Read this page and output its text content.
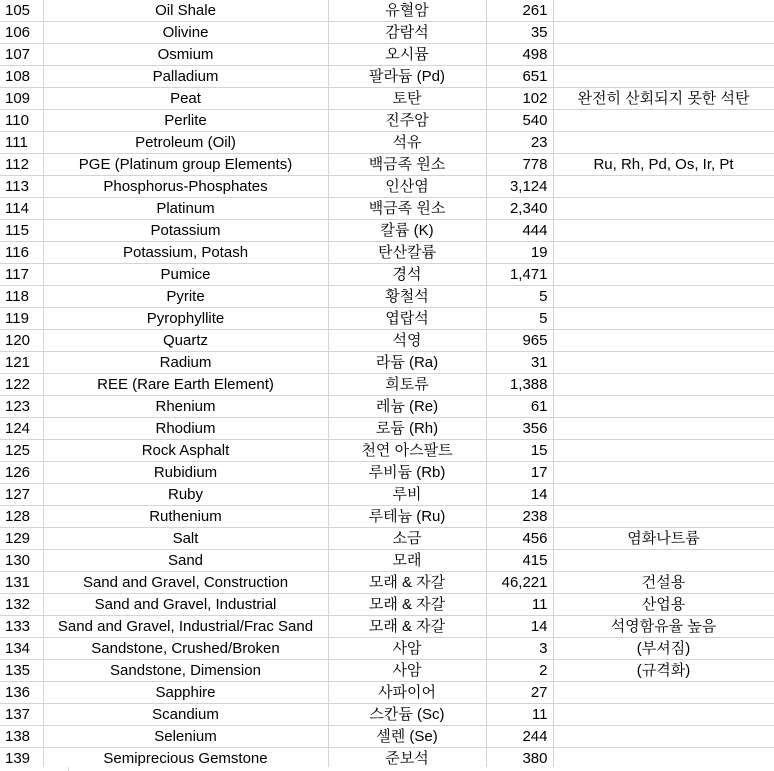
105	Oil Shale	유혈암	261	
106	Olivine	감람석	35	
107	Osmium	오시뮴	498	
108	Palladium	팔라듐 (Pd)	651	
109	Peat	토탄	102	완전히 산회되지 못한 석탄
110	Perlite	진주암	540	
111	Petroleum (Oil)	석유	23	
112	PGE (Platinum group Elements)	백금족 원소	778	Ru, Rh, Pd, Os, Ir, Pt
113	Phosphorus-Phosphates	인산염	3,124	
114	Platinum	백금족 원소	2,340	
115	Potassium	칼륨 (K)	444	
116	Potassium, Potash	탄산칼륨	19	
117	Pumice	경석	1,471	
118	Pyrite	황철석	5	
119	Pyrophyllite	엽랍석	5	
120	Quartz	석영	965	
121	Radium	라듐 (Ra)	31	
122	REE (Rare Earth Element)	희토류	1,388	
123	Rhenium	레늄 (Re)	61	
124	Rhodium	로듐 (Rh)	356	
125	Rock Asphalt	천연 아스팔트	15	
126	Rubidium	루비듐 (Rb)	17	
127	Ruby	루비	14	
128	Ruthenium	루테늄 (Ru)	238	
129	Salt	소금	456	염화나트륨
130	Sand	모래	415	
131	Sand and Gravel, Construction	모래 & 자갈	46,221	건설용
132	Sand and Gravel, Industrial	모래 & 자갈	11	산업용
133	Sand and Gravel, Industrial/Frac Sand	모래 & 자갈	14	석영함유율 높음
134	Sandstone, Crushed/Broken	사암	3	(부셔짐)
135	Sandstone, Dimension	사암	2	(규격화)
136	Sapphire	사파이어	27	
137	Scandium	스칸듐 (Sc)	11	
138	Selenium	셀렌 (Se)	244	
139	Semiprecious Gemstone	준보석	380	
